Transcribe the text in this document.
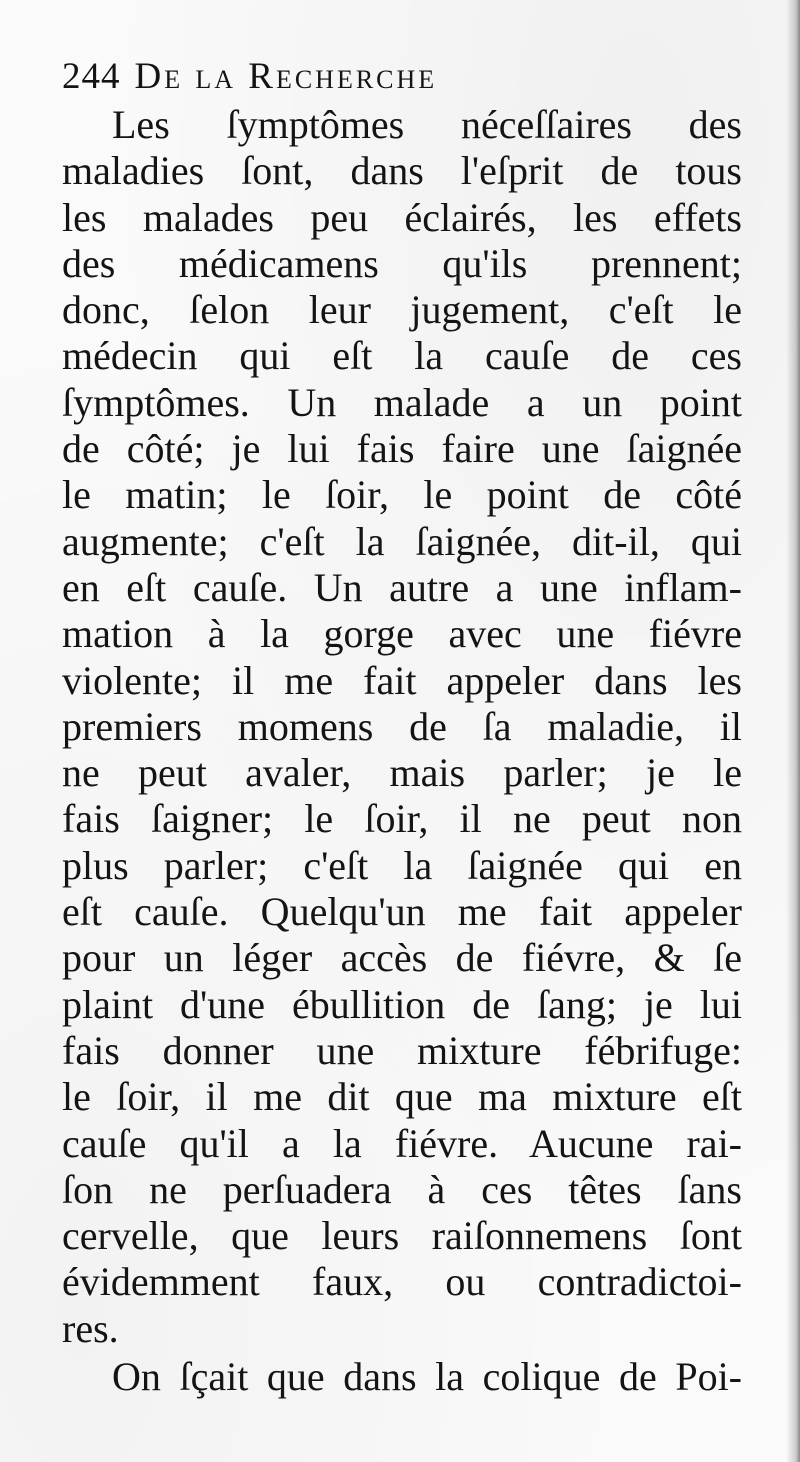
244 De la Recherche
Les ſymptômes néceſſaires des
maladies ſont, dans l'eſprit de tous
les malades peu éclairés, les effets
des médicamens qu'ils prennent;
donc, ſelon leur jugement, c'eſt le
médecin qui eſt la cauſe de ces
ſymptômes. Un malade a un point
de côté; je lui fais faire une ſaignée
le matin; le ſoir, le point de côté
augmente; c'eſt la ſaignée, dit-il, qui
en eſt cauſe. Un autre a une inflam-
mation à la gorge avec une fiévre
violente; il me fait appeler dans les
premiers momens de ſa maladie, il
ne peut avaler, mais parler; je le
fais ſaigner; le ſoir, il ne peut non
plus parler; c'eſt la ſaignée qui en
eſt cauſe. Quelqu'un me fait appeler
pour un léger accès de fiévre, & ſe
plaint d'une ébullition de ſang; je lui
fais donner une mixture fébrifuge:
le ſoir, il me dit que ma mixture eſt
cauſe qu'il a la fiévre. Aucune rai-
ſon ne perſuadera à ces têtes ſans
cervelle, que leurs raiſonnemens ſont
évidemment faux, ou contradictoi-
res.
On ſçait que dans la colique de Poi-
